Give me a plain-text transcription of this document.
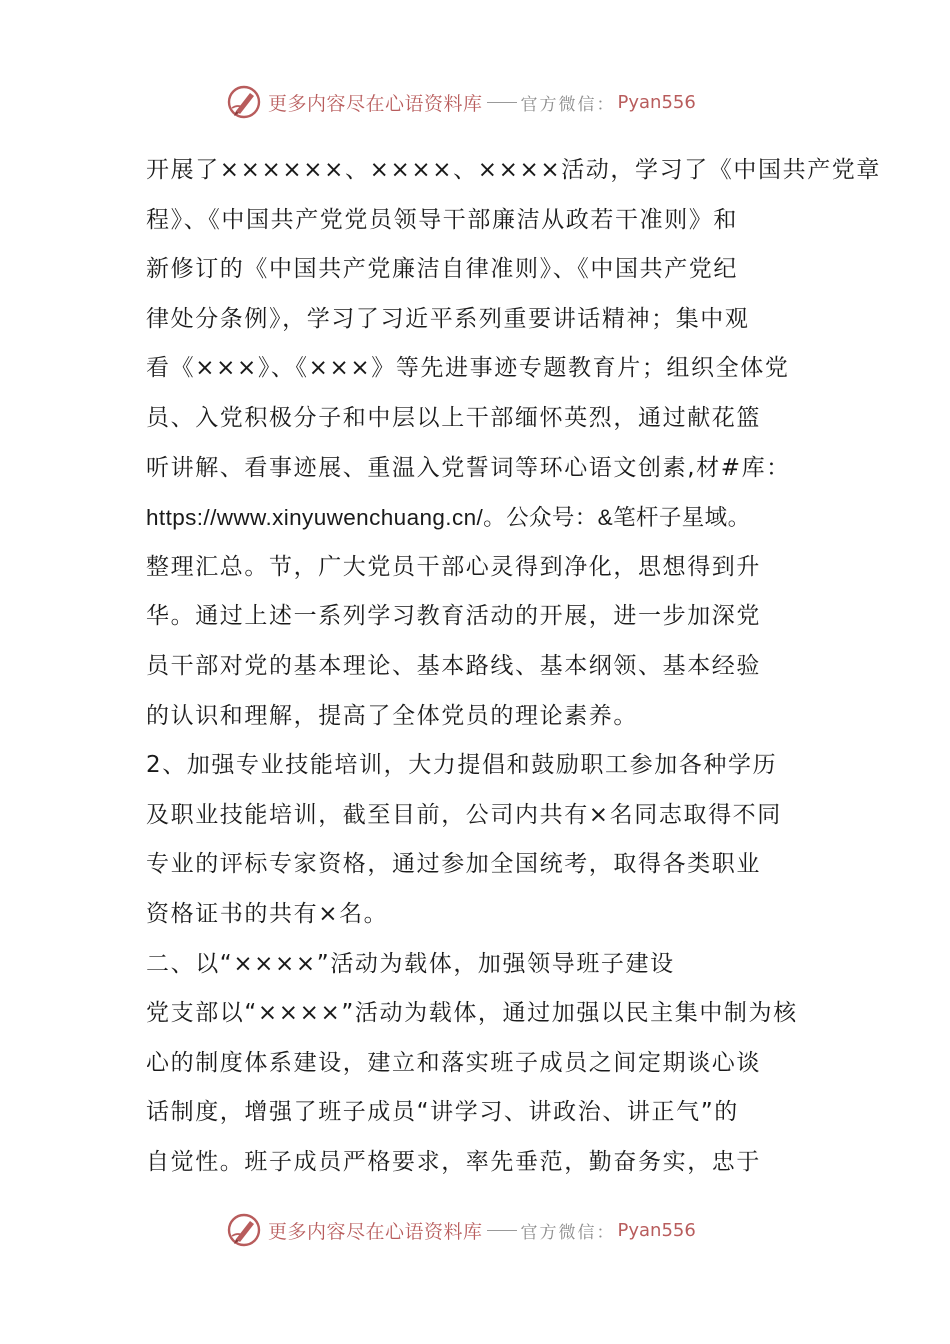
更多内容尽在心语资料库 官方微信： Pyan556
开展了××××××、××××、××××活动，学习了《中国共产党章
程》、《中国共产党党员领导干部廉洁从政若干准则》和
新修订的《中国共产党廉洁自律准则》、《中国共产党纪
律处分条例》，学习了习近平系列重要讲话精神；集中观
看《×××》、《×××》等先进事迹专题教育片；组织全体党
员、入党积极分子和中层以上干部缅怀英烈，通过献花篮
听讲解、看事迹展、重温入党誓词等环心语文创素,材#库：
https://www.xinyuwenchuang.cn/。公众号：&笔杆子星域。
整理汇总。节，广大党员干部心灵得到净化，思想得到升
华。通过上述一系列学习教育活动的开展，进一步加深党
员干部对党的基本理论、基本路线、基本纲领、基本经验
的认识和理解，提高了全体党员的理论素养。
2、加强专业技能培训，大力提倡和鼓励职工参加各种学历
及职业技能培训，截至目前，公司内共有×名同志取得不同
专业的评标专家资格，通过参加全国统考，取得各类职业
资格证书的共有×名。
二、以“××××”活动为载体，加强领导班子建设
党支部以“××××”活动为载体，通过加强以民主集中制为核
心的制度体系建设，建立和落实班子成员之间定期谈心谈
话制度，增强了班子成员“讲学习、讲政治、讲正气”的
自觉性。班子成员严格要求，率先垂范，勤奋务实，忠于
更多内容尽在心语资料库 官方微信： Pyan556
